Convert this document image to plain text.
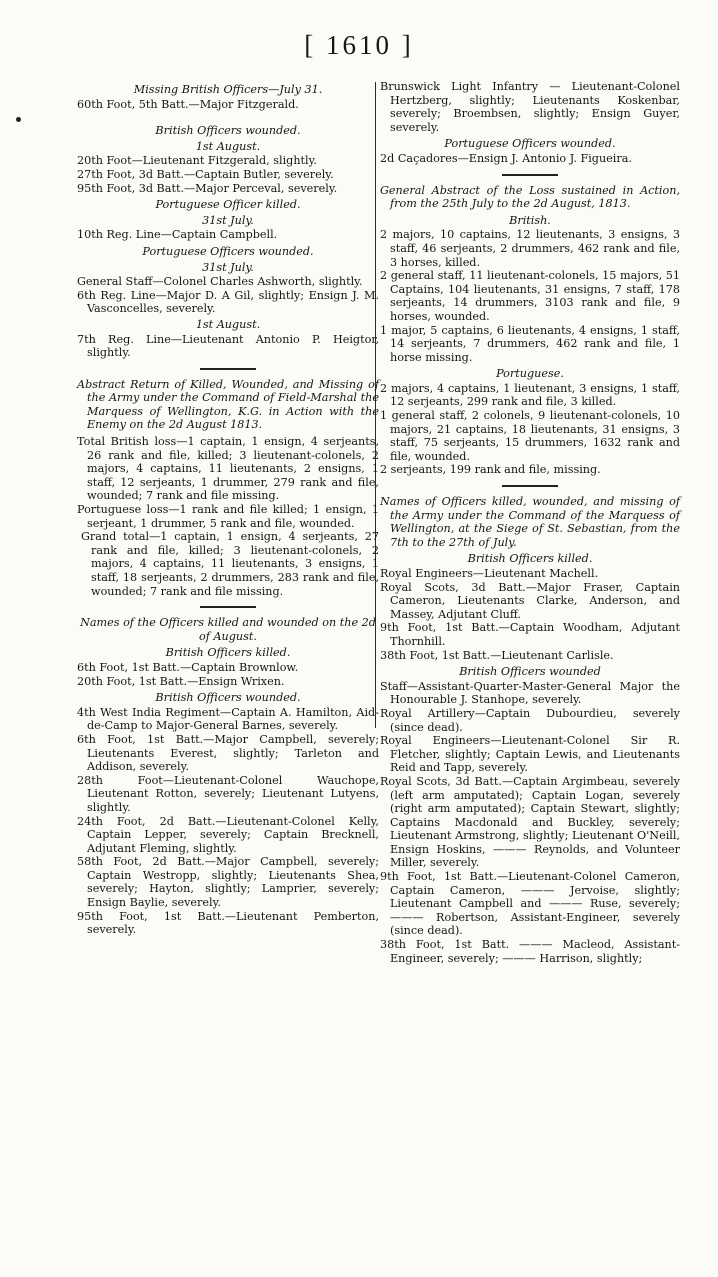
[ 1610 ]
Missing British Officers—July 31.

60th Foot, 5th Batt.—Major Fitzgerald.

British Officers wounded.
1st August.

20th Foot—Lieutenant Fitzgerald, slightly.

27th Foot, 3d Batt.—Captain Butler, severely.

95th Foot, 3d Batt.—Major Perceval, severely.

Portuguese Officer killed.
31st July.

10th Reg. Line—Captain Campbell.

Portuguese Officers wounded.
31st July.

General Staff—Colonel Charles Ashworth, slightly.

6th Reg. Line—Major D. A Gil, slightly; Ensign J. M. Vasconcelles, severely.

1st August.

7th Reg. Line—Lieutenant Antonio P. Heigtor, slightly.

Abstract Return of Killed, Wounded, and Missing of the Army under the Command of Field-Marshal the Marquess of Wellington, K.G. in Action with the Enemy on the 2d August 1813.

Total British loss—1 captain, 1 ensign, 4 serjeants, 26 rank and file, killed; 3 lieutenant-colonels, 2 majors, 4 captains, 11 lieutenants, 2 ensigns, 1 staff, 12 serjeants, 1 drummer, 279 rank and file, wounded; 7 rank and file missing.

Portuguese loss—1 rank and file killed; 1 ensign, 1 serjeant, 1 drummer, 5 rank and file, wounded.

Grand total—1 captain, 1 ensign, 4 serjeants, 27 rank and file, killed; 3 lieutenant-colonels, 2 majors, 4 captains, 11 lieutenants, 3 ensigns, 1 staff, 18 serjeants, 2 drummers, 283 rank and file, wounded; 7 rank and file missing.

Names of the Officers killed and wounded on the 2d of August.
British Officers killed.

6th Foot, 1st Batt.—Captain Brownlow.

20th Foot, 1st Batt.—Ensign Wrixen.

British Officers wounded.

4th West India Regiment—Captain A. Hamilton, Aid-de-Camp to Major-General Barnes, severely.

6th Foot, 1st Batt.—Major Campbell, severely; Lieutenants Everest, slightly; Tarleton and Addison, severely.

28th Foot—Lieutenant-Colonel Wauchope, Lieutenant Rotton, severely; Lieutenant Lutyens, slightly.

24th Foot, 2d Batt.—Lieutenant-Colonel Kelly, Captain Lepper, severely; Captain Brecknell, Adjutant Fleming, slightly.

58th Foot, 2d Batt.—Major Campbell, severely; Captain Westropp, slightly; Lieutenants Shea, severely; Hayton, slightly; Lamprier, severely; Ensign Baylie, severely.

95th Foot, 1st Batt.—Lieutenant Pemberton, severely.

Brunswick Light Infantry — Lieutenant-Colonel Hertzberg, slightly; Lieutenants Koskenbar, severely; Broembsen, slightly; Ensign Guyer, severely.

Portuguese Officers wounded.

2d Caçadores—Ensign J. Antonio J. Figueira.

General Abstract of the Loss sustained in Action, from the 25th July to the 2d August, 1813.

British.

2 majors, 10 captains, 12 lieutenants, 3 ensigns, 3 staff, 46 serjeants, 2 drummers, 462 rank and file, 3 horses, killed.

2 general staff, 11 lieutenant-colonels, 15 majors, 51 Captains, 104 lieutenants, 31 ensigns, 7 staff, 178 serjeants, 14 drummers, 3103 rank and file, 9 horses, wounded.

1 major, 5 captains, 6 lieutenants, 4 ensigns, 1 staff, 14 serjeants, 7 drummers, 462 rank and file, 1 horse missing.

Portuguese.

2 majors, 4 captains, 1 lieutenant, 3 ensigns, 1 staff, 12 serjeants, 299 rank and file, 3 killed.

1 general staff, 2 colonels, 9 lieutenant-colonels, 10 majors, 21 captains, 18 lieutenants, 31 ensigns, 3 staff, 75 serjeants, 15 drummers, 1632 rank and file, wounded.

2 serjeants, 199 rank and file, missing.

Names of Officers killed, wounded, and missing of the Army under the Command of the Marquess of Wellington, at the Siege of St. Sebastian, from the 7th to the 27th of July.

British Officers killed.

Royal Engineers—Lieutenant Machell.

Royal Scots, 3d Batt.—Major Fraser, Captain Cameron, Lieutenants Clarke, Anderson, and Massey, Adjutant Cluff.

9th Foot, 1st Batt.—Captain Woodham, Adjutant Thornhill.

38th Foot, 1st Batt.—Lieutenant Carlisle.

British Officers wounded

Staff—Assistant-Quarter-Master-General Major the Honourable J. Stanhope, severely.

Royal Artillery—Captain Dubourdieu, severely (since dead).

Royal Engineers—Lieutenant-Colonel Sir R. Fletcher, slightly; Captain Lewis, and Lieutenants Reid and Tapp, severely.

Royal Scots, 3d Batt.—Captain Argimbeau, severely (left arm amputated); Captain Logan, severely (right arm amputated); Captain Stewart, slightly; Captains Macdonald and Buckley, severely; Lieutenant Armstrong, slightly; Lieutenant O'Neill, Ensign Hoskins, ——— Reynolds, and Volunteer Miller, severely.

9th Foot, 1st Batt.—Lieutenant-Colonel Cameron, Captain Cameron, ——— Jervoise, slightly; Lieutenant Campbell and ——— Ruse, severely; ——— Robertson, Assistant-Engineer, severely (since dead).

38th Foot, 1st Batt. ——— Macleod, Assistant-Engineer, severely; ——— Harrison, slightly;
